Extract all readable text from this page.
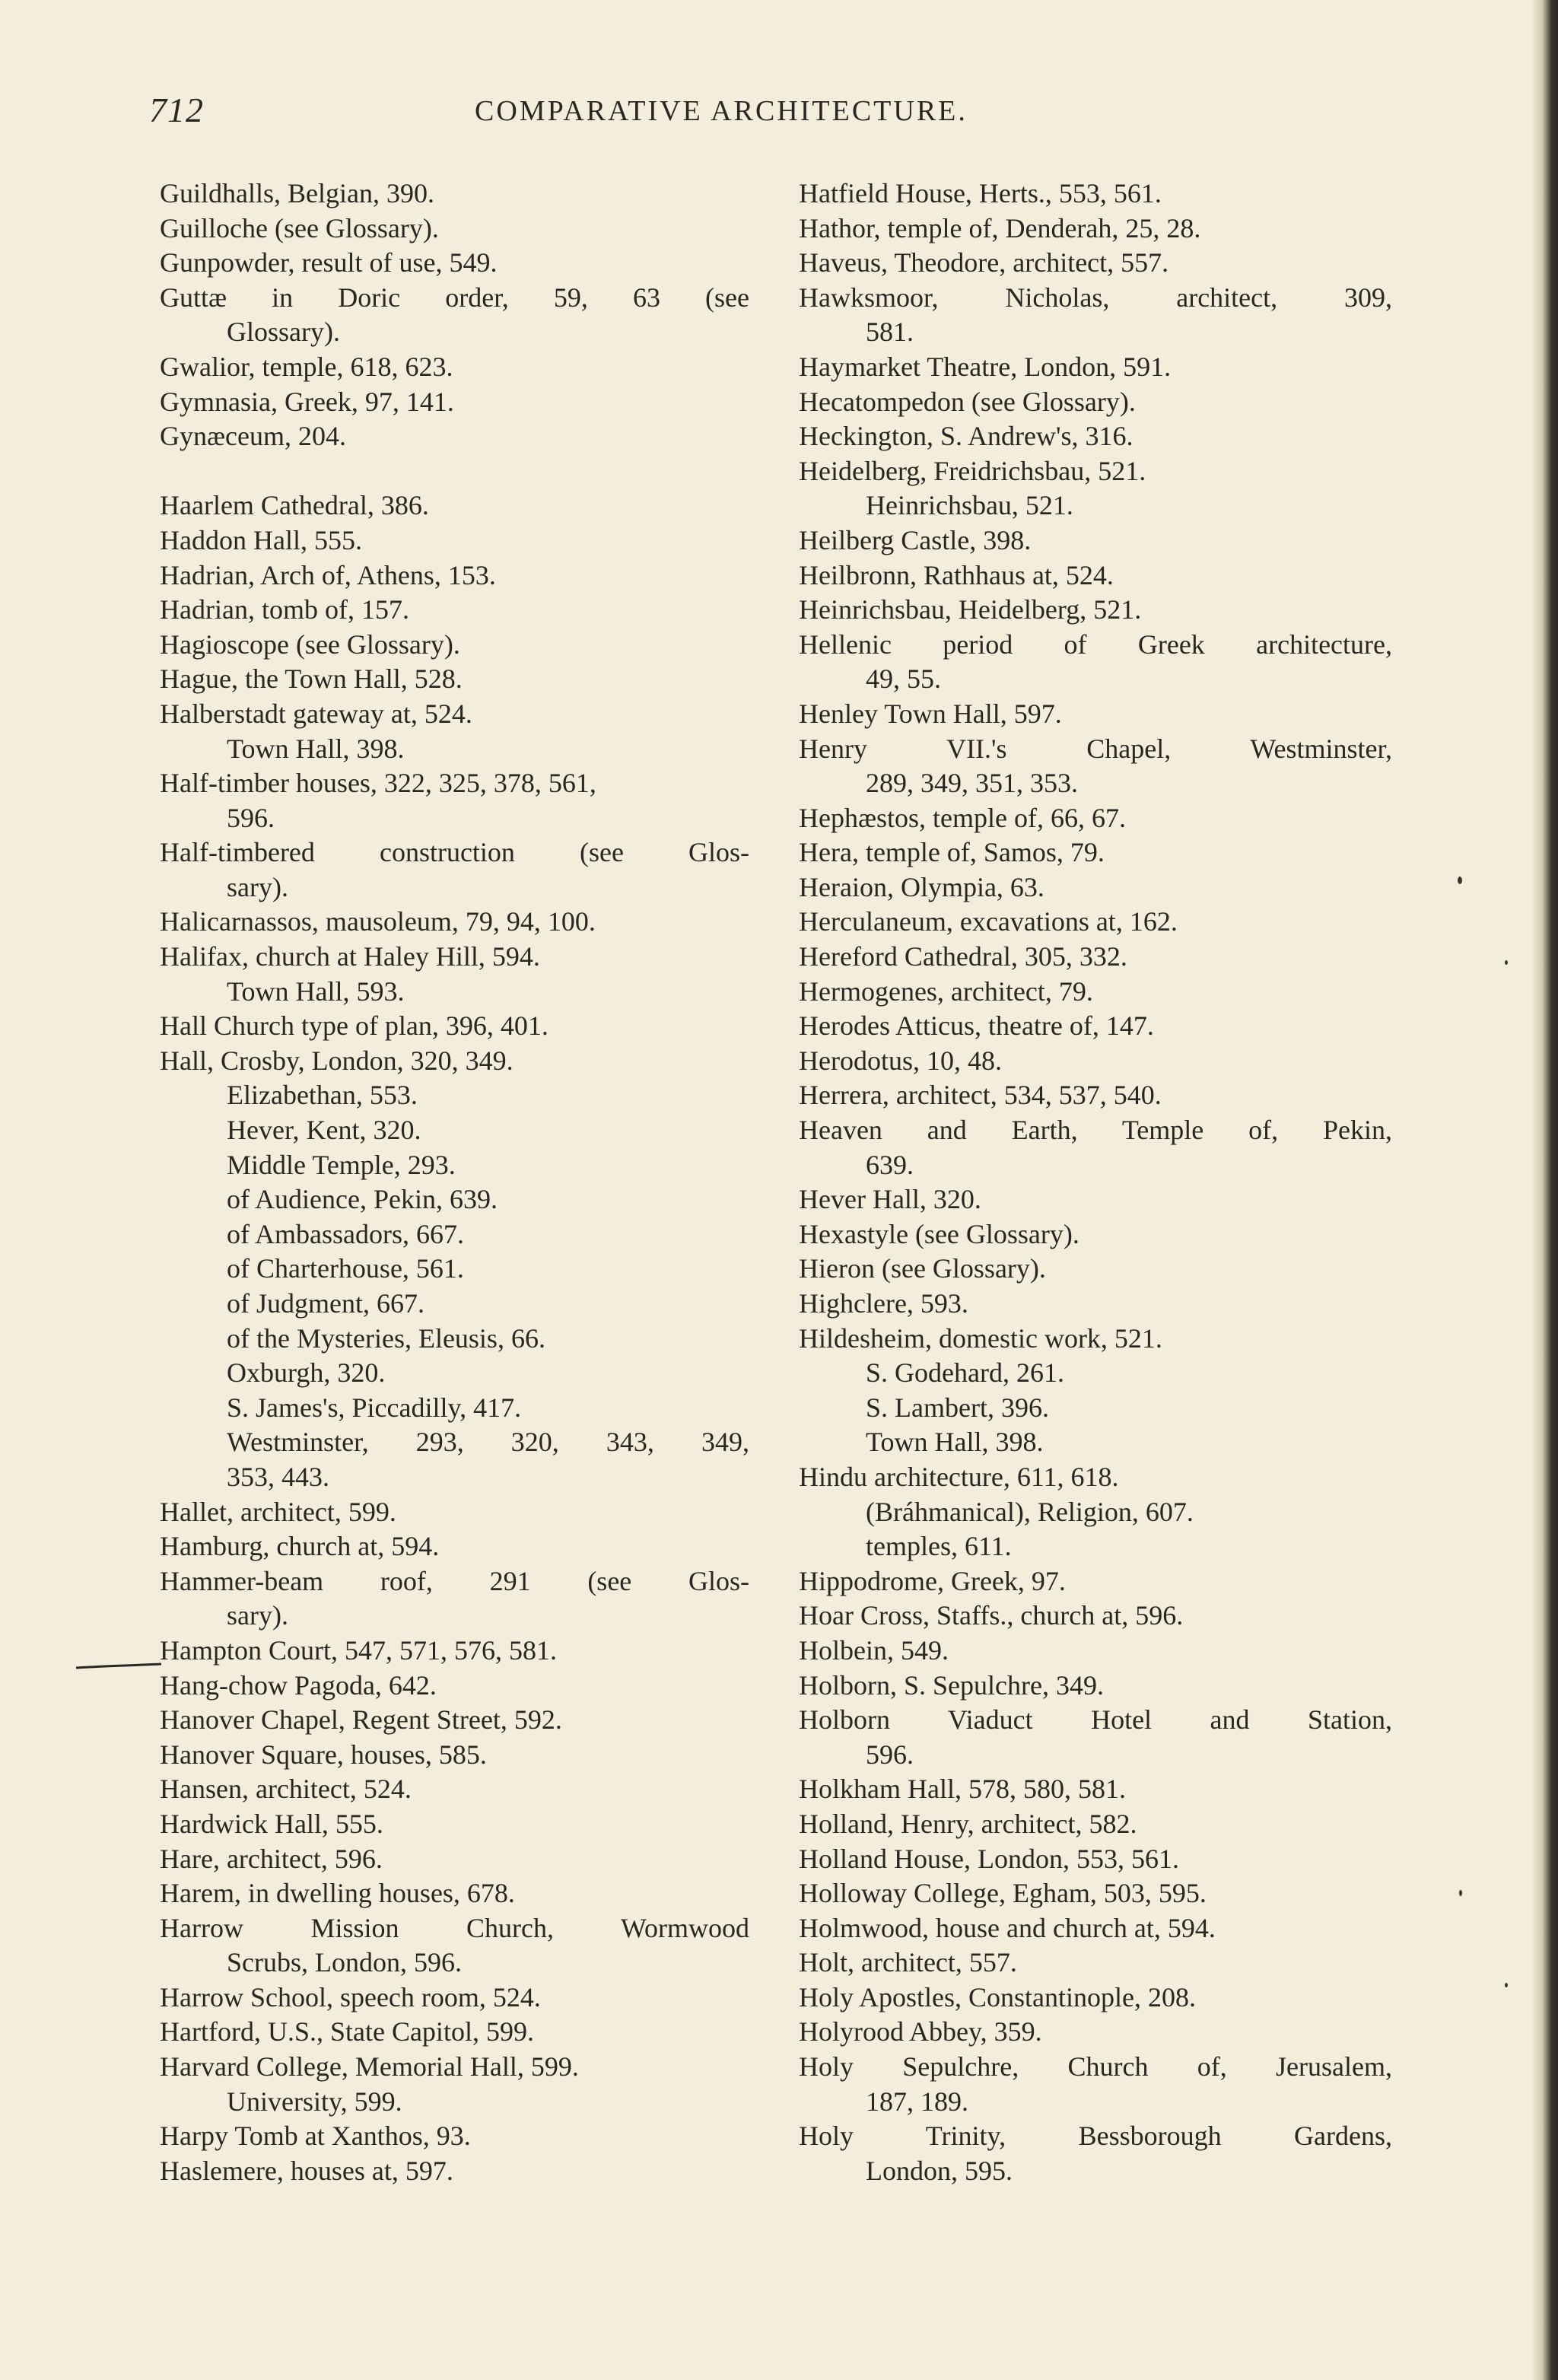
712	COMPARATIVE ARCHITECTURE.

Guildhalls, Belgian, 390.

Guilloche (see Glossary).

Gunpowder, result of use, 549.

Guttæ in Doric order, 59, 63 (see

Glossary).

Gwalior, temple, 618, 623.

Gymnasia, Greek, 97, 141.

Gynæceum, 204.

Haarlem Cathedral, 386.

Haddon Hall, 555.

Hadrian, Arch of, Athens, 153.

Hadrian, tomb of, 157.

Hagioscope (see Glossary).

Hague, the Town Hall, 528.

Halberstadt gateway at, 524.

Town Hall, 398.

Half-timber houses, 322, 325, 378, 561,

596.

Half-timbered construction (see Glos-

sary).

Halicarnassos, mausoleum, 79, 94, 100.

Halifax, church at Haley Hill, 594.

Town Hall, 593.

Hall Church type of plan, 396, 401.

Hall, Crosby, London, 320, 349.

Elizabethan, 553.

Hever, Kent, 320.

Middle Temple, 293.

of Audience, Pekin, 639.

of Ambassadors, 667.

of Charterhouse, 561.

of Judgment, 667.

of the Mysteries, Eleusis, 66.

Oxburgh, 320.

S. James's, Piccadilly, 417.

Westminster, 293, 320, 343, 349,

353, 443.

Hallet, architect, 599.

Hamburg, church at, 594.

Hammer-beam roof, 291 (see Glos-

sary).

Hampton Court, 547, 571, 576, 581.

Hang-chow Pagoda, 642.

Hanover Chapel, Regent Street, 592.

Hanover Square, houses, 585.

Hansen, architect, 524.

Hardwick Hall, 555.

Hare, architect, 596.

Harem, in dwelling houses, 678.

Harrow Mission Church, Wormwood

Scrubs, London, 596.

Harrow School, speech room, 524.

Hartford, U.S., State Capitol, 599.

Harvard College, Memorial Hall, 599.

University, 599.

Harpy Tomb at Xanthos, 93.

Haslemere, houses at, 597.

Hatfield House, Herts., 553, 561.

Hathor, temple of, Denderah, 25, 28.

Haveus, Theodore, architect, 557.

Hawksmoor, Nicholas, architect, 309,

581.

Haymarket Theatre, London, 591.

Hecatompedon (see Glossary).

Heckington, S. Andrew's, 316.

Heidelberg, Freidrichsbau, 521.

Heinrichsbau, 521.

Heilberg Castle, 398.

Heilbronn, Rathhaus at, 524.

Heinrichsbau, Heidelberg, 521.

Hellenic period of Greek architecture,

49, 55.

Henley Town Hall, 597.

Henry VII.'s Chapel, Westminster,

289, 349, 351, 353.

Hephæstos, temple of, 66, 67.

Hera, temple of, Samos, 79.

Heraion, Olympia, 63.

Herculaneum, excavations at, 162.

Hereford Cathedral, 305, 332.

Hermogenes, architect, 79.

Herodes Atticus, theatre of, 147.

Herodotus, 10, 48.

Herrera, architect, 534, 537, 540.

Heaven and Earth, Temple of, Pekin,

639.

Hever Hall, 320.

Hexastyle (see Glossary).

Hieron (see Glossary).

Highclere, 593.

Hildesheim, domestic work, 521.

S. Godehard, 261.

S. Lambert, 396.

Town Hall, 398.

Hindu architecture, 611, 618.

(Bráhmanical), Religion, 607.

temples, 611.

Hippodrome, Greek, 97.

Hoar Cross, Staffs., church at, 596.

Holbein, 549.

Holborn, S. Sepulchre, 349.

Holborn Viaduct Hotel and Station,

596.

Holkham Hall, 578, 580, 581.

Holland, Henry, architect, 582.

Holland House, London, 553, 561.

Holloway College, Egham, 503, 595.

Holmwood, house and church at, 594.

Holt, architect, 557.

Holy Apostles, Constantinople, 208.

Holyrood Abbey, 359.

Holy Sepulchre, Church of, Jerusalem,

187, 189.

Holy Trinity, Bessborough Gardens,

London, 595.
